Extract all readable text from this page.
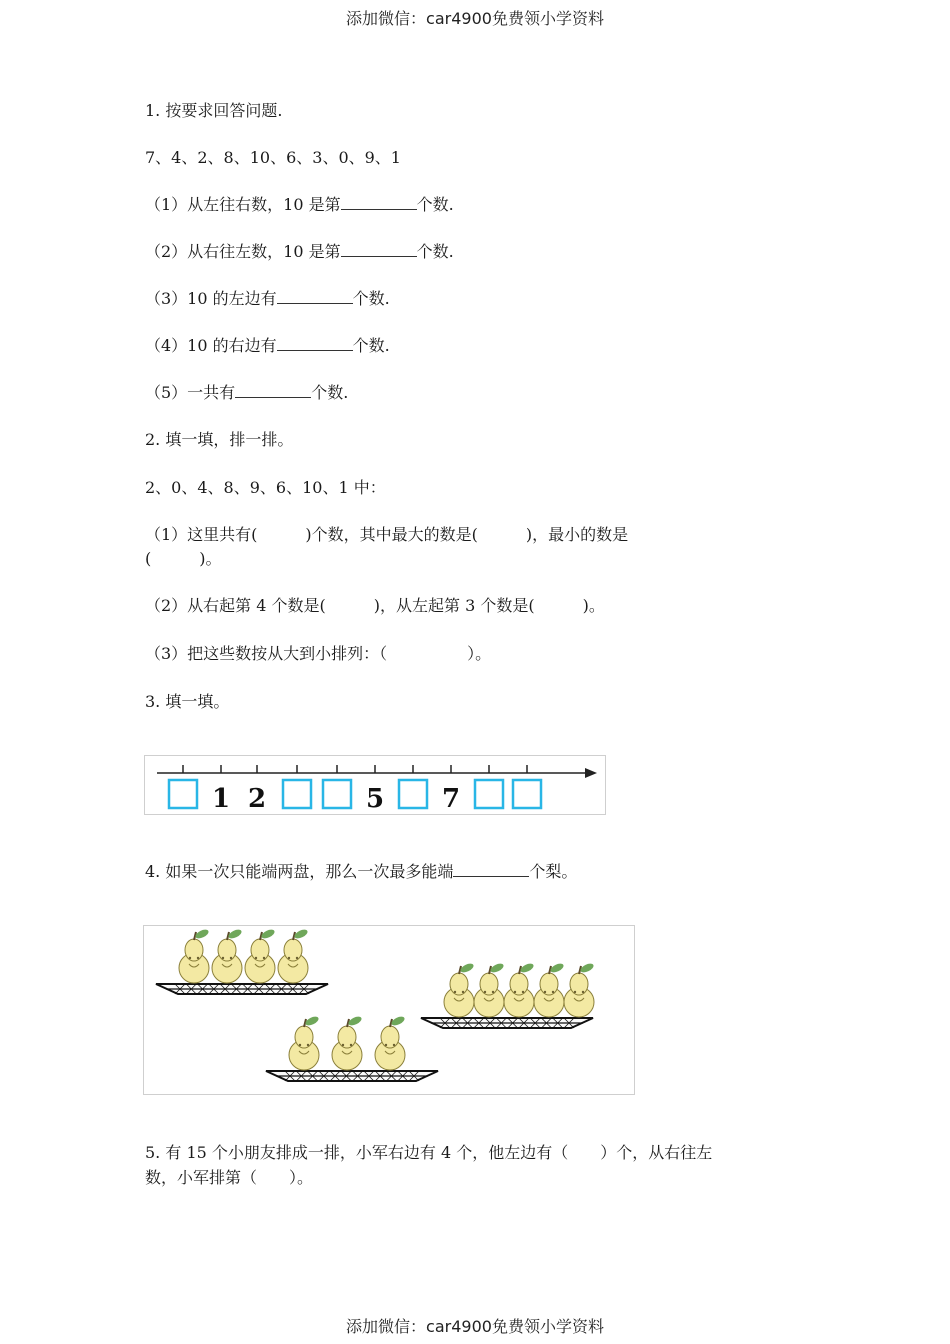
添加微信：car4900免费领小学资料
1. 按要求回答问题.
7、4、2、8、10、6、3、0、9、1
（1）从左往右数，10 是第	个数.
（2）从右往左数，10 是第	个数.
（3）10 的左边有	个数.
（4）10 的右边有	个数.
（5）一共有	个数.
2. 填一填，排一排。
2、0、4、8、9、6、10、1 中：
（1）这里共有(　　　)个数，其中最大的数是(　　　)，最小的数是
(　　　)。
（2）从右起第 4 个数是(　　　)，从左起第 3 个数是(　　　)。
（3）把这些数按从大到小排列：（　　　　　）。
3. 填一填。
1 2	5 7
4. 如果一次只能端两盘，那么一次最多能端	个梨。
5. 有 15 个小朋友排成一排，小军右边有 4 个，他左边有（　　）个，从右往左
数，小军排第（　　）。
添加微信：car4900免费领小学资料
